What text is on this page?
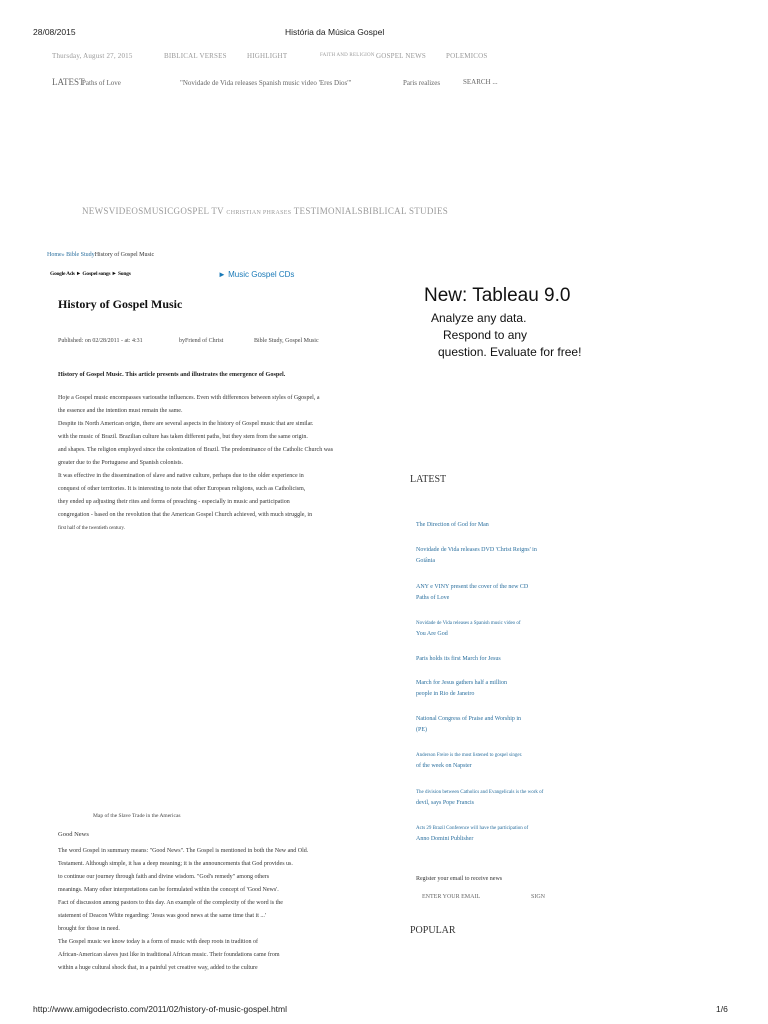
28/08/2015	História da Música Gospel
Thursday, August 27, 2015	BIBLICAL VERSES	HIGHLIGHT	FAITH AND RELIGION GOSPEL NEWS	POLEMICOS
LATEST
Paths of Love	"Novidade de Vida releases Spanish music video 'Eres Dios'"	Paris realizes	SEARCH ...
NEWSVIDEOSMUSICGOSPEL TV CHRISTIAN PHRASES TESTIMONIALSBIBLICAL STUDIES
Home» Bible StudyHistory of Gospel Music
Google Ads ► Gospel songs ► Songs	► Music Gospel CDs
History of Gospel Music
Published: on 02/28/2011 - at: 4:31	byFriend of Christ	Bible Study, Gospel Music
History of Gospel Music. This article presents and illustrates the emergence of Gospel.
Hoje a Gospel music encompasses variousthe influences. Even with differences between styles of Ggospel, a
the essence and the intention must remain the same.
Despite its North American origin, there are several aspects in the history of Gospel music that are similar.
with the music of Brazil. Brazilian culture has taken different paths, but they stem from the same origin.
and shapes. The religion employed since the colonization of Brazil. The predominance of the Catholic Church was
greater due to the Portuguese and Spanish colonists.
It was effective in the dissemination of slave and native culture, perhaps due to the older experience in
conquest of other territories. It is interesting to note that other European religions, such as Catholicism,
they ended up adjusting their rites and forms of preaching - especially in music and participation
congregation - based on the revolution that the American Gospel Church achieved, with much struggle, in
first half of the twentieth century.
Map of the Slave Trade in the Americas
Good News
The word Gospel in summary means: "Good News". The Gospel is mentioned in both the New and Old.
Testament. Although simple, it has a deep meaning; it is the announcements that God provides us.
to continue our journey through faith and divine wisdom. "God's remedy" among others
meanings. Many other interpretations can be formulated within the concept of 'Good News'.
Fact of discussion among pastors to this day. An example of the complexity of the word is the
statement of Deacon White regarding: 'Jesus was good news at the same time that it ...'
brought for those in need.
The Gospel music we know today is a form of music with deep roots in tradition of
African-American slaves just like in traditional African music. Their foundations came from
within a huge cultural shock that, in a painful yet creative way, added to the culture
New: Tableau 9.0
Analyze any data.
Respond to any
question. Evaluate for free!
LATEST
The Direction of God for Man
Novidade de Vida releases DVD 'Christ Reigns' in
Goiânia
ANY e VINY present the cover of the new CD
Paths of Love
Novidade de Vida releases a Spanish music video of
You Are God
Paris holds its first March for Jesus
March for Jesus gathers half a million
people in Rio de Janeiro
National Congress of Praise and Worship in
(PE)
Anderson Freire is the most listened to gospel singer.
of the week on Napster
The division between Catholics and Evangelicals is the work of
devil, says Pope Francis
Acts 29 Brazil Conference will have the participation of
Anno Domini Publisher
Register your email to receive news
ENTER YOUR EMAIL	SIGN
POPULAR
http://www.amigodecristo.com/2011/02/history-of-music-gospel.html	1/6
